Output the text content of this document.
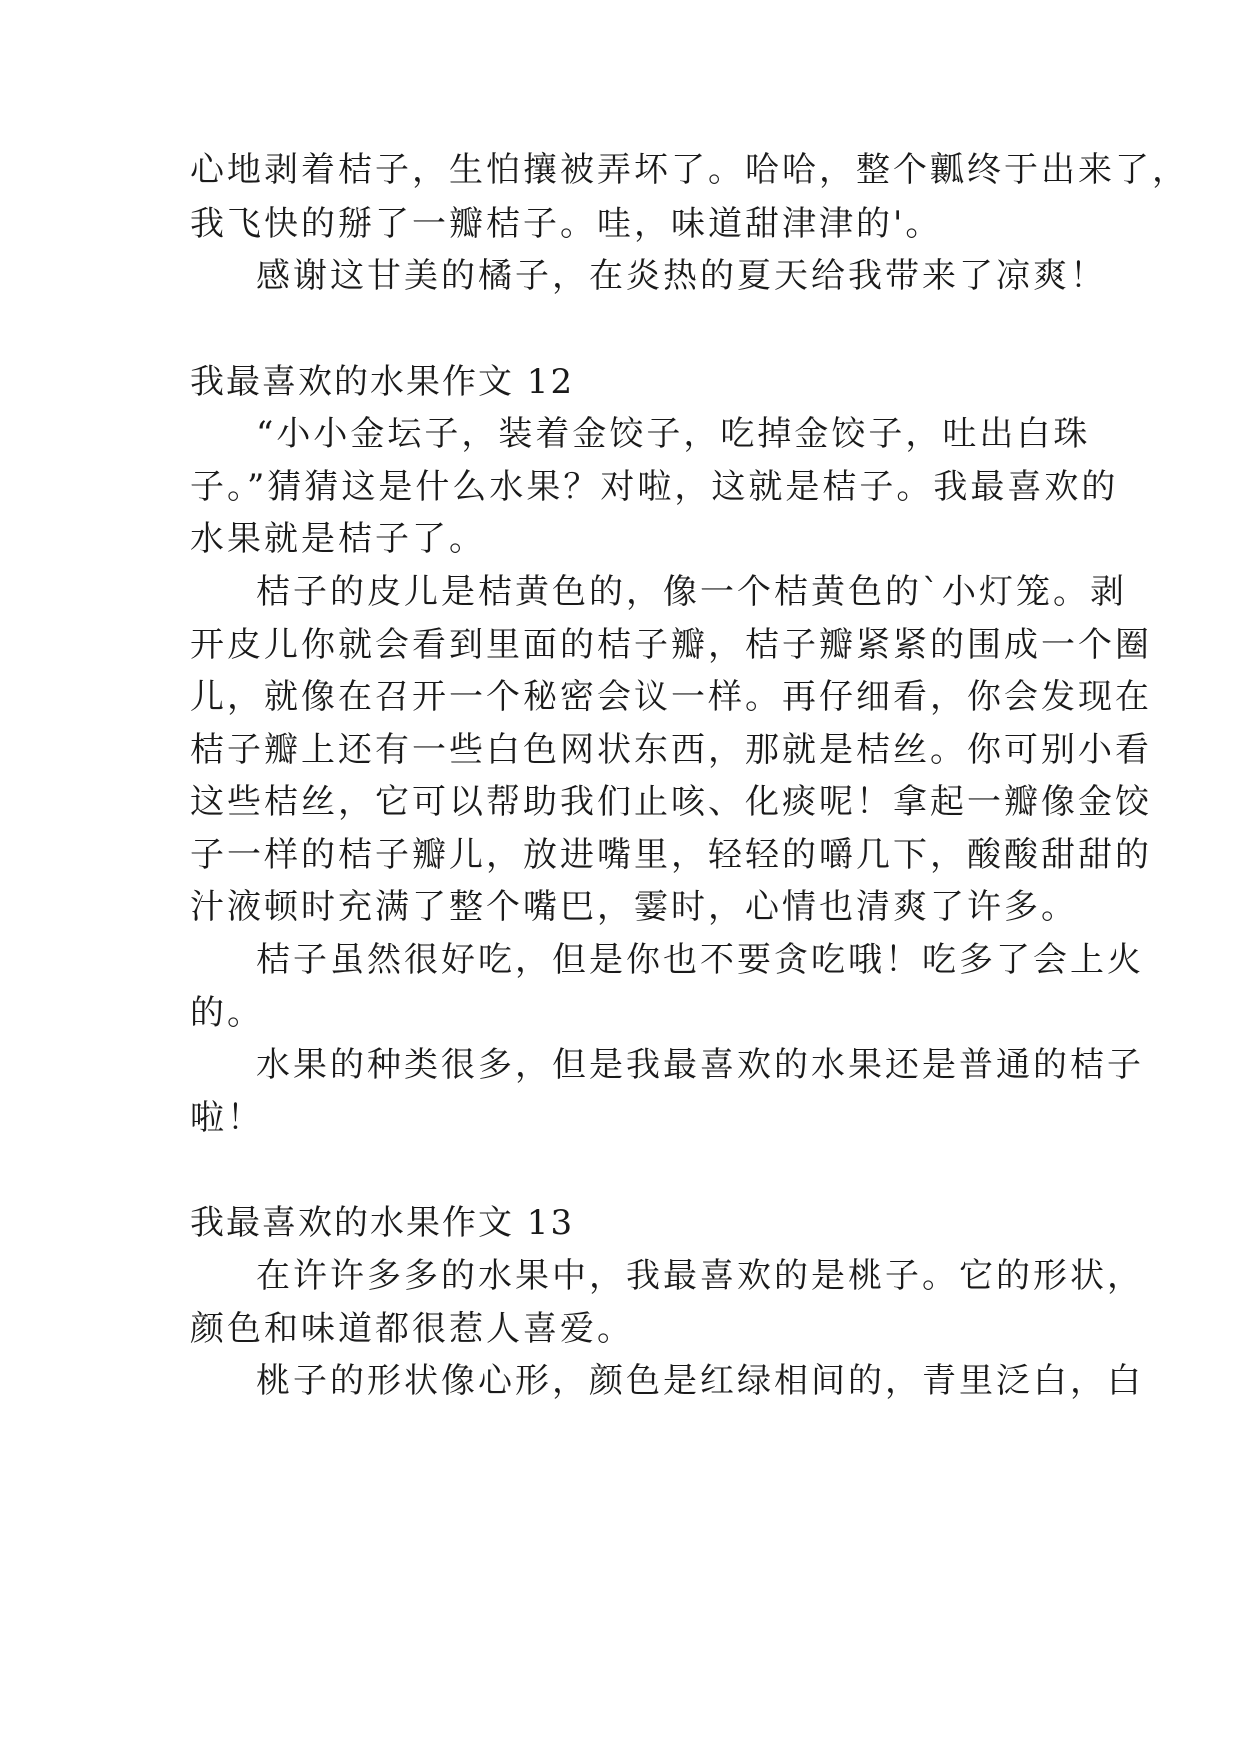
心地剥着桔子，生怕攘被弄坏了。哈哈，整个瓤终于出来了，
我飞快的掰了一瓣桔子。哇，味道甜津津的'。
感谢这甘美的橘子，在炎热的夏天给我带来了凉爽！
我最喜欢的水果作文 12
“小小金坛子，装着金饺子，吃掉金饺子，吐出白珠
子。”猜猜这是什么水果？对啦，这就是桔子。我最喜欢的
水果就是桔子了。
桔子的皮儿是桔黄色的，像一个桔黄色的`小灯笼。剥
开皮儿你就会看到里面的桔子瓣，桔子瓣紧紧的围成一个圈
儿，就像在召开一个秘密会议一样。再仔细看，你会发现在
桔子瓣上还有一些白色网状东西，那就是桔丝。你可别小看
这些桔丝，它可以帮助我们止咳、化痰呢！拿起一瓣像金饺
子一样的桔子瓣儿，放进嘴里，轻轻的嚼几下，酸酸甜甜的
汁液顿时充满了整个嘴巴，霎时，心情也清爽了许多。
桔子虽然很好吃，但是你也不要贪吃哦！吃多了会上火
的。
水果的种类很多，但是我最喜欢的水果还是普通的桔子
啦！
我最喜欢的水果作文 13
在许许多多的水果中，我最喜欢的是桃子。它的形状，
颜色和味道都很惹人喜爱。
桃子的形状像心形，颜色是红绿相间的，青里泛白，白
